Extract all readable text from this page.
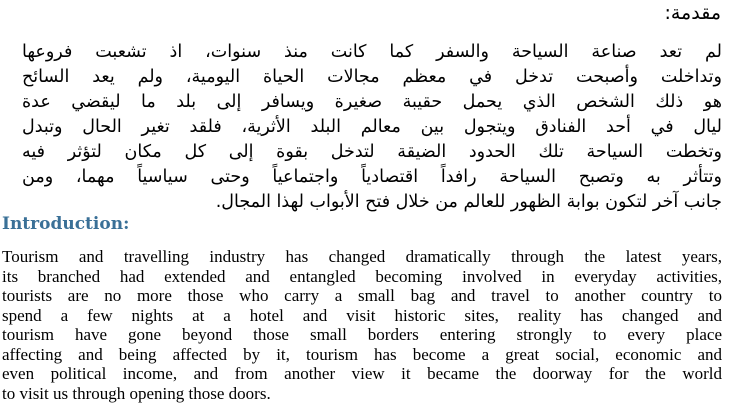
مقدمة:
لم تعد صناعة السياحة والسفر كما كانت منذ سنوات، اذ تشعبت فروعها
وتداخلت وأصبحت تدخل في معظم مجالات الحياة اليومية، ولم يعد السائح
هو ذلك الشخص الذي يحمل حقيبة صغيرة ويسافر إلى بلد ما ليقضي عدة
ليال في أحد الفنادق ويتجول بين معالم البلد الأثرية، فلقد تغير الحال وتبدل
وتخطت السياحة تلك الحدود الضيقة لتدخل بقوة إلى كل مكان لتؤثر فيه
وتتأثر به وتصبح السياحة رافداً اقتصادياً واجتماعياً وحتى سياسياً مهما، ومن
جانب آخر لتكون بوابة الظهور للعالم من خلال فتح الأبواب لهذا المجال.
Introduction:
Tourism and travelling industry has changed dramatically through the latest years,
its branched had extended and entangled becoming involved in everyday activities,
tourists are no more those who carry a small bag and travel to another country to
spend a few nights at a hotel and visit historic sites, reality has changed and
tourism have gone beyond those small borders entering strongly to every place
affecting and being affected by it, tourism has become a great social, economic and
even political income, and from another view it became the doorway for the world
to visit us through opening those doors.
